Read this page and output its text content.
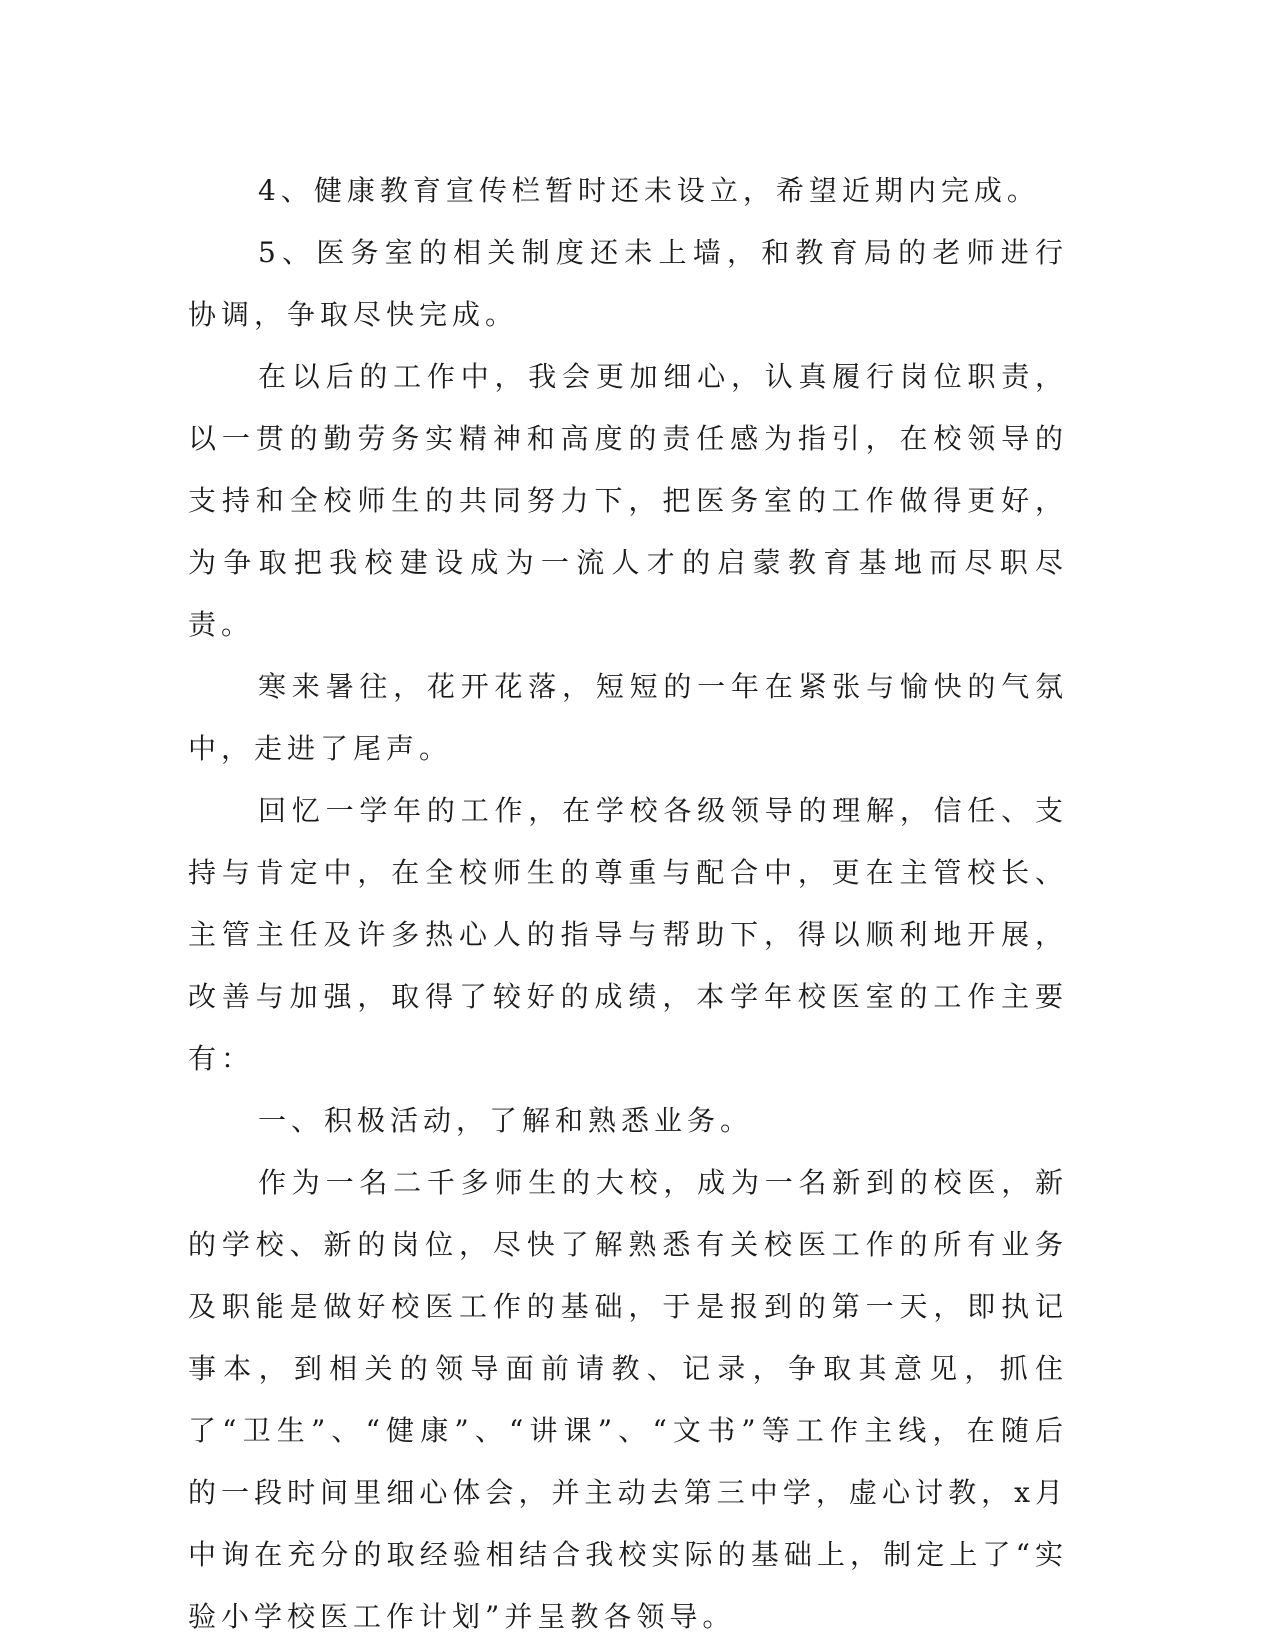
4、健康教育宣传栏暂时还未设立，希望近期内完成。

5、医务室的相关制度还未上墙，和教育局的老师进行协调，争取尽快完成。

在以后的工作中，我会更加细心，认真履行岗位职责，以一贯的勤劳务实精神和高度的责任感为指引，在校领导的支持和全校师生的共同努力下，把医务室的工作做得更好，为争取把我校建设成为一流人才的启蒙教育基地而尽职尽责。

寒来暑往，花开花落，短短的一年在紧张与愉快的气氛中，走进了尾声。

回忆一学年的工作，在学校各级领导的理解，信任、支持与肯定中，在全校师生的尊重与配合中，更在主管校长、主管主任及许多热心人的指导与帮助下，得以顺利地开展，改善与加强，取得了较好的成绩，本学年校医室的工作主要有：

一、积极活动，了解和熟悉业务。

作为一名二千多师生的大校，成为一名新到的校医，新的学校、新的岗位，尽快了解熟悉有关校医工作的所有业务及职能是做好校医工作的基础，于是报到的第一天，即执记事本，到相关的领导面前请教、记录，争取其意见，抓住了“卫生”、“健康”、“讲课”、“文书”等工作主线，在随后的一段时间里细心体会，并主动去第三中学，虚心讨教，x月中询在充分的取经验相结合我校实际的基础上，制定上了“实验小学校医工作计划”并呈教各领导。
